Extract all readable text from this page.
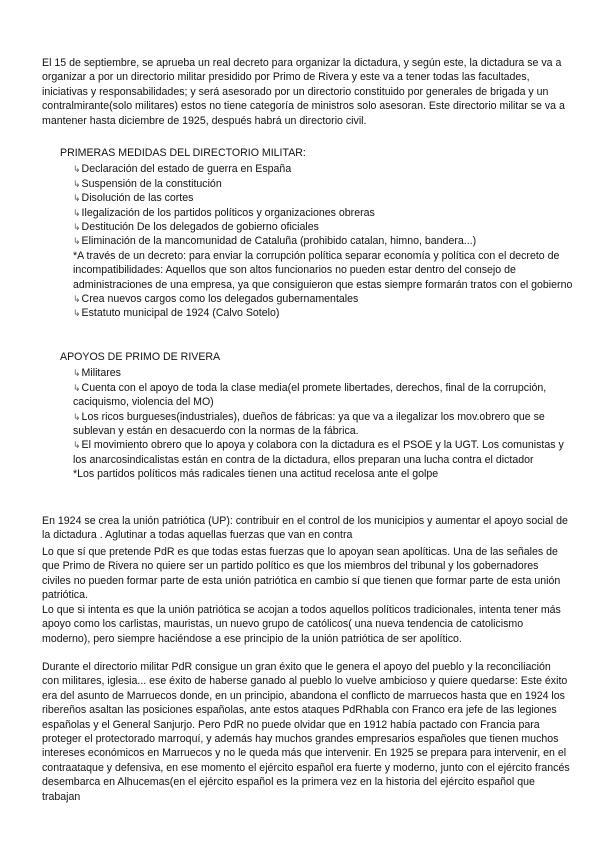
El 15 de septiembre, se aprueba un real decreto para organizar la dictadura, y según este, la dictadura se va a organizar a por un directorio militar presidido por Primo de Rivera y este va a tener todas las facultades, iniciativas y responsabilidades; y será asesorado por un directorio constituido por generales de brigada y un contralmirante(solo militares) estos no tiene categoría de ministros solo asesoran. Este directorio militar se va a mantener hasta diciembre de 1925, después habrá un directorio civil.

PRIMERAS MEDIDAS DEL DIRECTORIO MILITAR:
↳Declaración del estado de guerra en España
↳Suspensión de la constitución
↳Disolución de las cortes
↳Ilegalización de los partidos políticos y organizaciones obreras
↳Destitución De los delegados de gobierno oficiales
↳Eliminación de la mancomunidad de Cataluña (prohibido catalan, himno, bandera...)
*A través de un decreto: para enviar la corrupción política separar economía y política con el decreto de incompatibilidades: Aquellos que son altos funcionarios no pueden estar dentro del consejo de administraciones de una empresa, ya que consiguieron que estas siempre formarán tratos con el gobierno
↳Crea nuevos cargos como los delegados gubernamentales
↳Estatuto municipal de 1924 (Calvo Sotelo)
APOYOS DE PRIMO DE RIVERA
↳Militares
↳Cuenta con el apoyo de toda la clase media(el promete libertades, derechos, final de la corrupción, caciquismo, violencia del MO)
↳Los ricos burgueses(industriales), dueños de fábricas: ya que va a ilegalizar los mov.obrero que se sublevan y están en desacuerdo con la normas de la fábrica.
↳El movimiento obrero que lo apoya y colabora con la dictadura es el PSOE y la UGT. Los comunistas y los anarcosindicalistas están en contra de la dictadura, ellos preparan una lucha contra el dictador
*Los partidos políticos más radicales tienen una actitud recelosa ante el golpe

En 1924 se crea la unión patriótica (UP): contribuir en el control de los municipios y aumentar el apoyo social de la dictadura . Aglutinar a todas aquellas fuerzas que van en contra

Lo que sí que pretende PdR es que todas estas fuerzas que lo apoyan sean apolíticas. Una de las señales de que Primo de Rivera no quiere ser un partido político es que los miembros del tribunal y los gobernadores civiles no pueden formar parte de esta unión patriótica en cambio sí que tienen que formar parte de esta unión patriótica.

Lo que si intenta es que la unión patriótica se acojan a todos aquellos políticos tradicionales, intenta tener más apoyo como los carlistas, mauristas, un nuevo grupo de católicos( una nueva tendencia de catolicismo moderno), pero siempre haciéndose a ese principio de la unión patriótica de ser apolítico.

Durante el directorio militar PdR consigue un gran éxito que le genera el apoyo del pueblo y la reconciliación con militares, iglesia... ese éxito de haberse ganado al pueblo lo vuelve ambicioso y quiere quedarse: Este éxito era del asunto de Marruecos donde, en un principio, abandona el conflicto de marruecos hasta que en 1924 los ribereños asaltan las posiciones españolas, ante estos ataques PdRhabla con Franco era jefe de las legiones españolas y el General Sanjurjo. Pero PdR no puede olvidar que en 1912 había pactado con Francia para proteger el protectorado marroquí, y además hay muchos grandes empresarios españoles que tienen muchos intereses económicos en Marruecos y no le queda más que intervenir. En 1925 se prepara para intervenir, en el contraataque y defensiva, en ese momento el ejército español era fuerte y moderno, junto con el ejército francés desembarca en Alhucemas(en el ejército español es la primera vez en la historia del ejército español que trabajan
